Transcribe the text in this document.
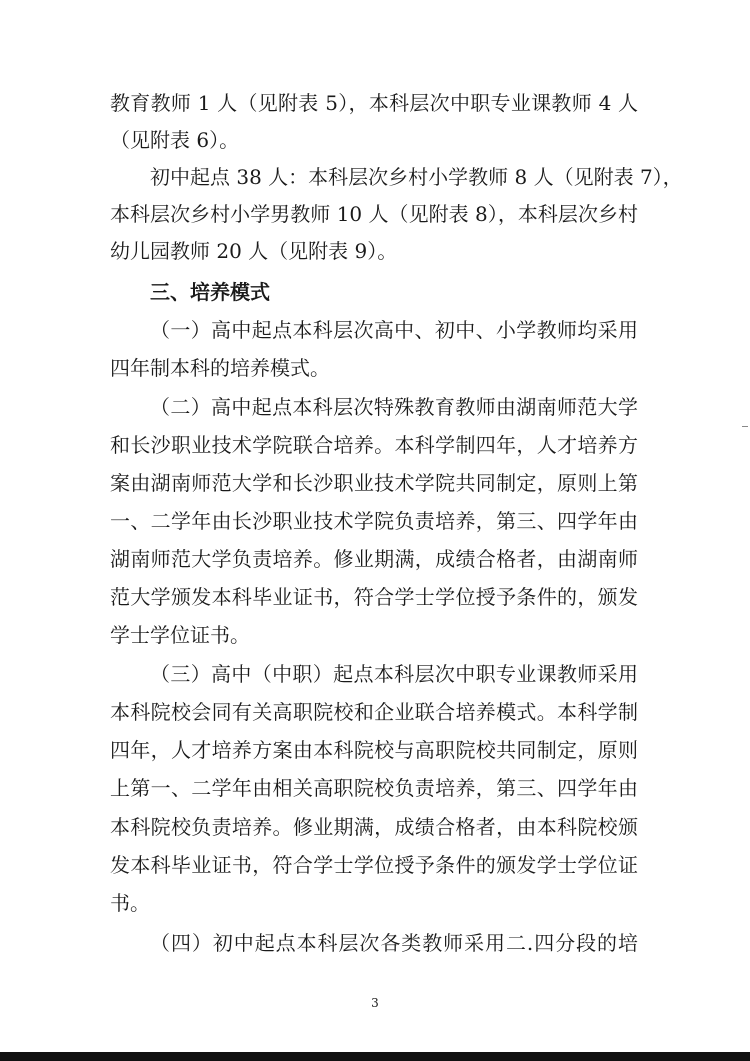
教育教师 1 人（见附表 5），本科层次中职专业课教师 4 人
（见附表 6）。
初中起点 38 人：本科层次乡村小学教师 8 人（见附表 7），
本科层次乡村小学男教师 10 人（见附表 8），本科层次乡村
幼儿园教师 20 人（见附表 9）。
三、培养模式
（一）高中起点本科层次高中、初中、小学教师均采用
四年制本科的培养模式。
（二）高中起点本科层次特殊教育教师由湖南师范大学
和长沙职业技术学院联合培养。本科学制四年，人才培养方
案由湖南师范大学和长沙职业技术学院共同制定，原则上第
一、二学年由长沙职业技术学院负责培养，第三、四学年由
湖南师范大学负责培养。修业期满，成绩合格者，由湖南师
范大学颁发本科毕业证书，符合学士学位授予条件的，颁发
学士学位证书。
（三）高中（中职）起点本科层次中职专业课教师采用
本科院校会同有关高职院校和企业联合培养模式。本科学制
四年，人才培养方案由本科院校与高职院校共同制定，原则
上第一、二学年由相关高职院校负责培养，第三、四学年由
本科院校负责培养。修业期满，成绩合格者，由本科院校颁
发本科毕业证书，符合学士学位授予条件的颁发学士学位证
书。
（四）初中起点本科层次各类教师采用二.四分段的培
3
